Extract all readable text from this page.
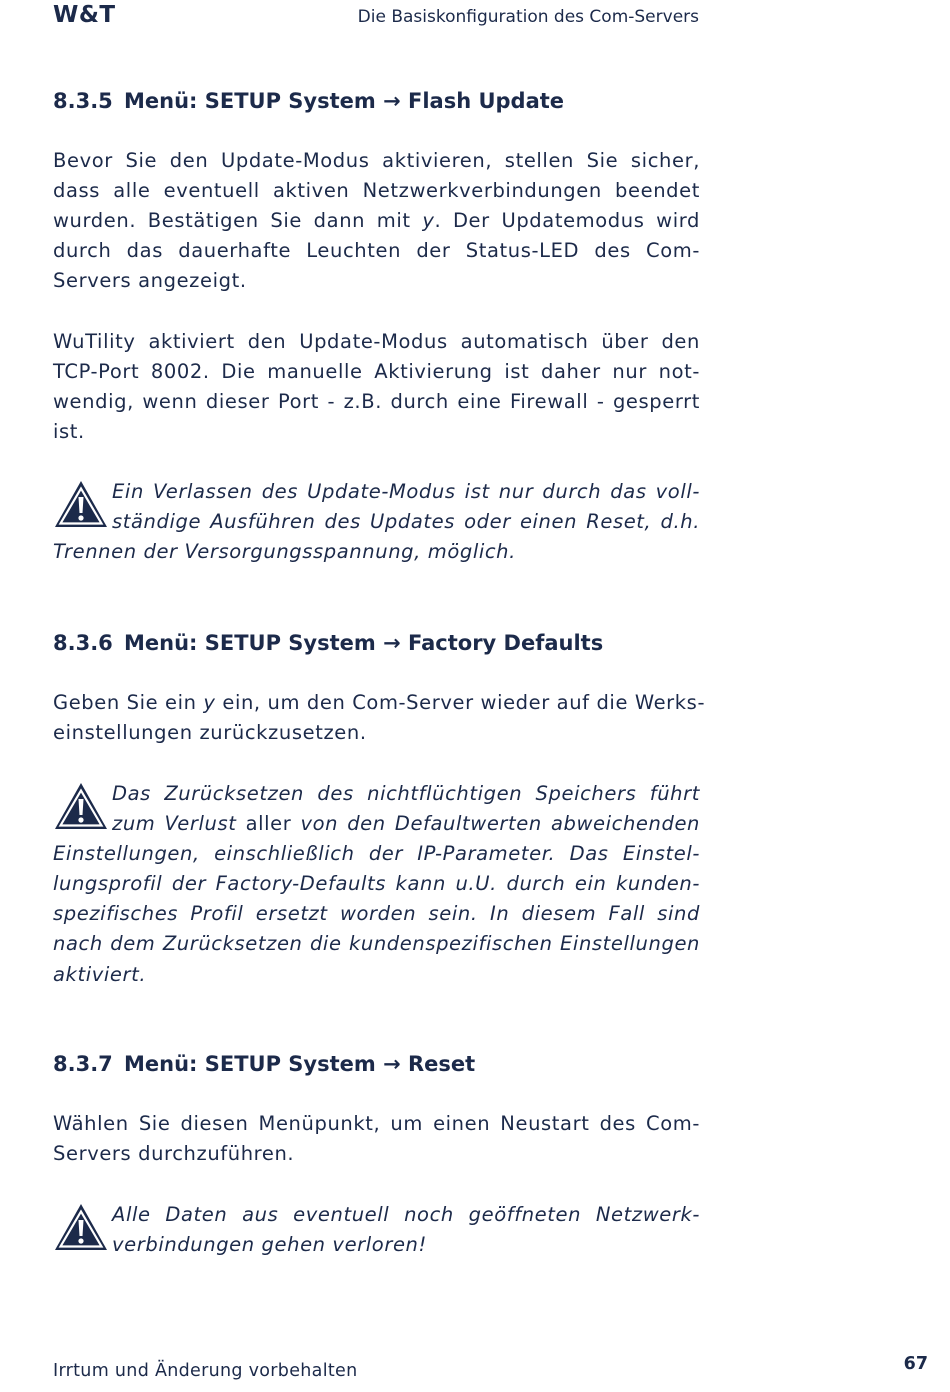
W&T	Die Basiskonfiguration des Com-Servers
8.3.5 Menü: SETUP System → Flash Update
Bevor Sie den Update-Modus aktivieren, stellen Sie sicher,
dass alle eventuell aktiven Netzwerkverbindungen beendet
wurden. Bestätigen Sie dann mit y. Der Updatemodus wird
durch das dauerhafte Leuchten der Status-LED des Com-
Servers angezeigt.
WuTility aktiviert den Update-Modus automatisch über den
TCP-Port 8002. Die manuelle Aktivierung ist daher nur not-
wendig, wenn dieser Port - z.B. durch eine Firewall - gesperrt
ist.
Ein Verlassen des Update-Modus ist nur durch das voll-
ständige Ausführen des Updates oder einen Reset, d.h.
Trennen der Versorgungsspannung, möglich.
8.3.6 Menü: SETUP System → Factory Defaults
Geben Sie ein y ein, um den Com-Server wieder auf die Werks-
einstellungen zurückzusetzen.
Das Zurücksetzen des nichtflüchtigen Speichers führt
zum Verlust aller von den Defaultwerten abweichenden
Einstellungen, einschließlich der IP-Parameter. Das Einstel-
lungsprofil der Factory-Defaults kann u.U. durch ein kunden-
spezifisches Profil ersetzt worden sein. In diesem Fall sind
nach dem Zurücksetzen die kundenspezifischen Einstellungen
aktiviert.
8.3.7 Menü: SETUP System → Reset
Wählen Sie diesen Menüpunkt, um einen Neustart des Com-
Servers durchzuführen.
Alle Daten aus eventuell noch geöffneten Netzwerk-
verbindungen gehen verloren!
Irrtum und Änderung vorbehalten	67
